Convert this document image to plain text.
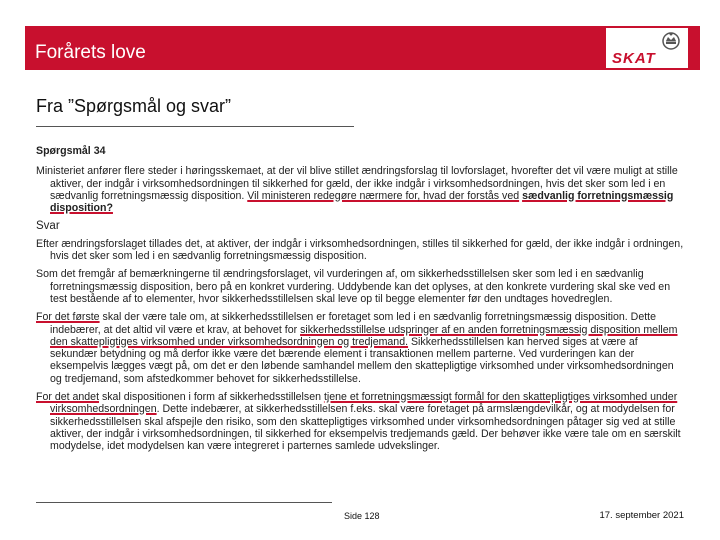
Forårets love	SKAT
Fra ”Spørgsmål og svar”
Spørgsmål 34

Ministeriet anfører flere steder i høringsskemaet, at der vil blive stillet ændringsforslag til lovforslaget, hvorefter det vil være muligt at stille aktiver, der indgår i virksomhedsordningen til sikkerhed for gæld, der ikke indgår i virksomhedsordningen, hvis det sker som led i en sædvanlig forretningsmæssig disposition. Vil ministeren redegøre nærmere for, hvad der forstås ved sædvanlig forretningsmæssig disposition?

Svar

Efter ændringsforslaget tillades det, at aktiver, der indgår i virksomhedsordningen, stilles til sikkerhed for gæld, der ikke indgår i ordningen, hvis det sker som led i en sædvanlig forretningsmæssig disposition.

Som det fremgår af bemærkningerne til ændringsforslaget, vil vurderingen af, om sikkerhedsstillelsen sker som led i en sædvanlig forretningsmæssig disposition, bero på en konkret vurdering. Uddybende kan det oplyses, at den konkrete vurdering skal ske ved en test bestående af to elementer, hvor sikkerhedsstillelsen skal leve op til begge elementer før den undtages hovedreglen.

For det første skal der være tale om, at sikkerhedsstillelsen er foretaget som led i en sædvanlig forretningsmæssig disposition. Dette indebærer, at det altid vil være et krav, at behovet for sikkerhedsstillelse udspringer af en anden forretningsmæssig disposition mellem den skattepligtiges virksomhed under virksomhedsordningen og tredjemand. Sikkerhedsstillelsen kan herved siges at være af sekundær betydning og må derfor ikke være det bærende element i transaktionen mellem parterne. Ved vurderingen kan der eksempelvis lægges vægt på, om det er den løbende samhandel mellem den skattepligtige virksomhed under virksomhedsordningen og tredjemand, som afstedkommer behovet for sikkerhedsstillelse.

For det andet skal dispositionen i form af sikkerhedsstillelsen tjene et forretningsmæssigt formål for den skattepligtiges virksomhed under virksomhedsordningen. Dette indebærer, at sikkerhedsstillelsen f.eks. skal være foretaget på armslængdevilkår, og at modydelsen for sikkerhedsstillelsen skal afspejle den risiko, som den skattepligtiges virksomhed under virksomhedsordningen påtager sig ved at stille aktiver, der indgår i virksomhedsordningen, til sikkerhed for eksempelvis tredjemands gæld. Der behøver ikke være tale om en særskilt modydelse, idet modydelsen kan være integreret i parternes samlede udvekslinger.

Side 128	17. september 2021
